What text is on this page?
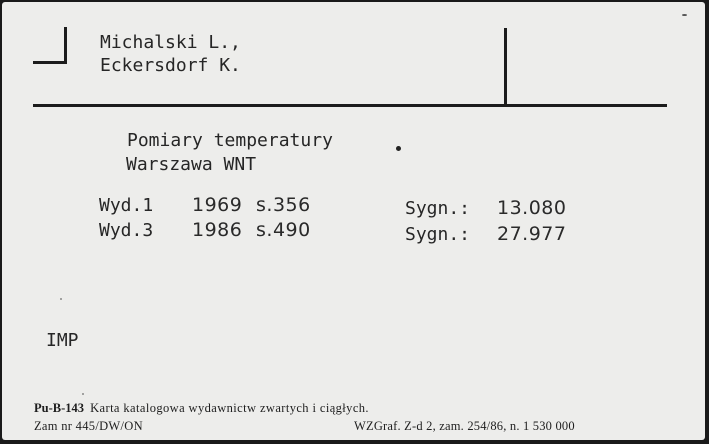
Michalski L.,
Eckersdorf K.
Pomiary temperatury
Warszawa WNT
Wyd.1 1969 s.356	Sygn.: 13.080
Wyd.3 1986 s.490	Sygn.: 27.977
IMP
Pu-B-143 Karta katalogowa wydawnictw zwartych i ciągłych.
Zam nr 445/DW/ON	WZGraf. Z-d 2, zam. 254/86, n. 1 530 000
